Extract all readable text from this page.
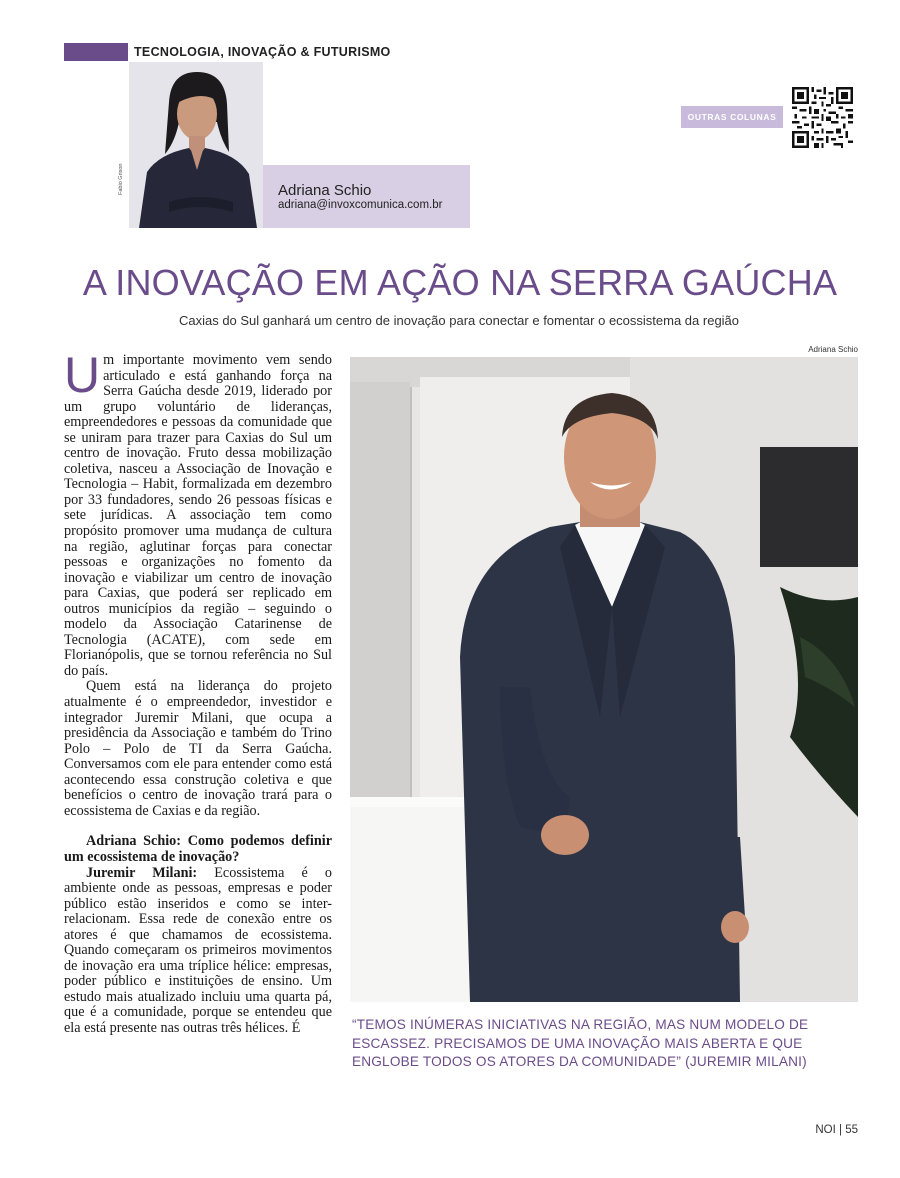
TECNOLOGIA, INOVAÇÃO & FUTURISMO
Fabio Grison	Adriana Schio
adriana@invoxcomunica.com.br
OUTRAS COLUNAS
A INOVAÇÃO EM AÇÃO NA SERRA GAÚCHA
Caxias do Sul ganhará um centro de inovação para conectar e fomentar o ecossistema da região

Um importante movimento vem sendo articulado e está ganhando força na Serra Gaúcha desde 2019, liderado por um grupo voluntário de lideranças, empreendedores e pessoas da comunidade que se uniram para trazer para Caxias do Sul um centro de inovação. Fruto dessa mobilização coletiva, nasceu a Associação de Inovação e Tecnologia – Habit, formalizada em dezembro por 33 fundadores, sendo 26 pessoas físicas e sete jurídicas. A associação tem como propósito promover uma mudança de cultura na região, aglutinar forças para conectar pessoas e organizações no fomento da inovação e viabilizar um centro de inovação para Caxias, que poderá ser replicado em outros municípios da região – seguindo o modelo da Associação Catarinense de Tecnologia (ACATE), com sede em Florianópolis, que se tornou referência no Sul do país.

Quem está na liderança do projeto atualmente é o empreendedor, investidor e integrador Juremir Milani, que ocupa a presidência da Associação e também do Trino Polo – Polo de TI da Serra Gaúcha. Conversamos com ele para entender como está acontecendo essa construção coletiva e que benefícios o centro de inovação trará para o ecossistema de Caxias e da região.

Adriana Schio: Como podemos definir um ecossistema de inovação?

Juremir Milani: Ecossistema é o ambiente onde as pessoas, empresas e poder público estão inseridos e como se inter-relacionam. Essa rede de conexão entre os atores é que chamamos de ecossistema. Quando começaram os primeiros movimentos de inovação era uma tríplice hélice: empresas, poder público e instituições de ensino. Um estudo mais atualizado incluiu uma quarta pá, que é a comunidade, porque se entendeu que ela está presente nas outras três hélices. É

Adriana Schio
“TEMOS INÚMERAS INICIATIVAS NA REGIÃO, MAS NUM MODELO DE ESCASSEZ. PRECISAMOS DE UMA INOVAÇÃO MAIS ABERTA E QUE ENGLOBE TODOS OS ATORES DA COMUNIDADE” (JUREMIR MILANI)
NOI | 55
